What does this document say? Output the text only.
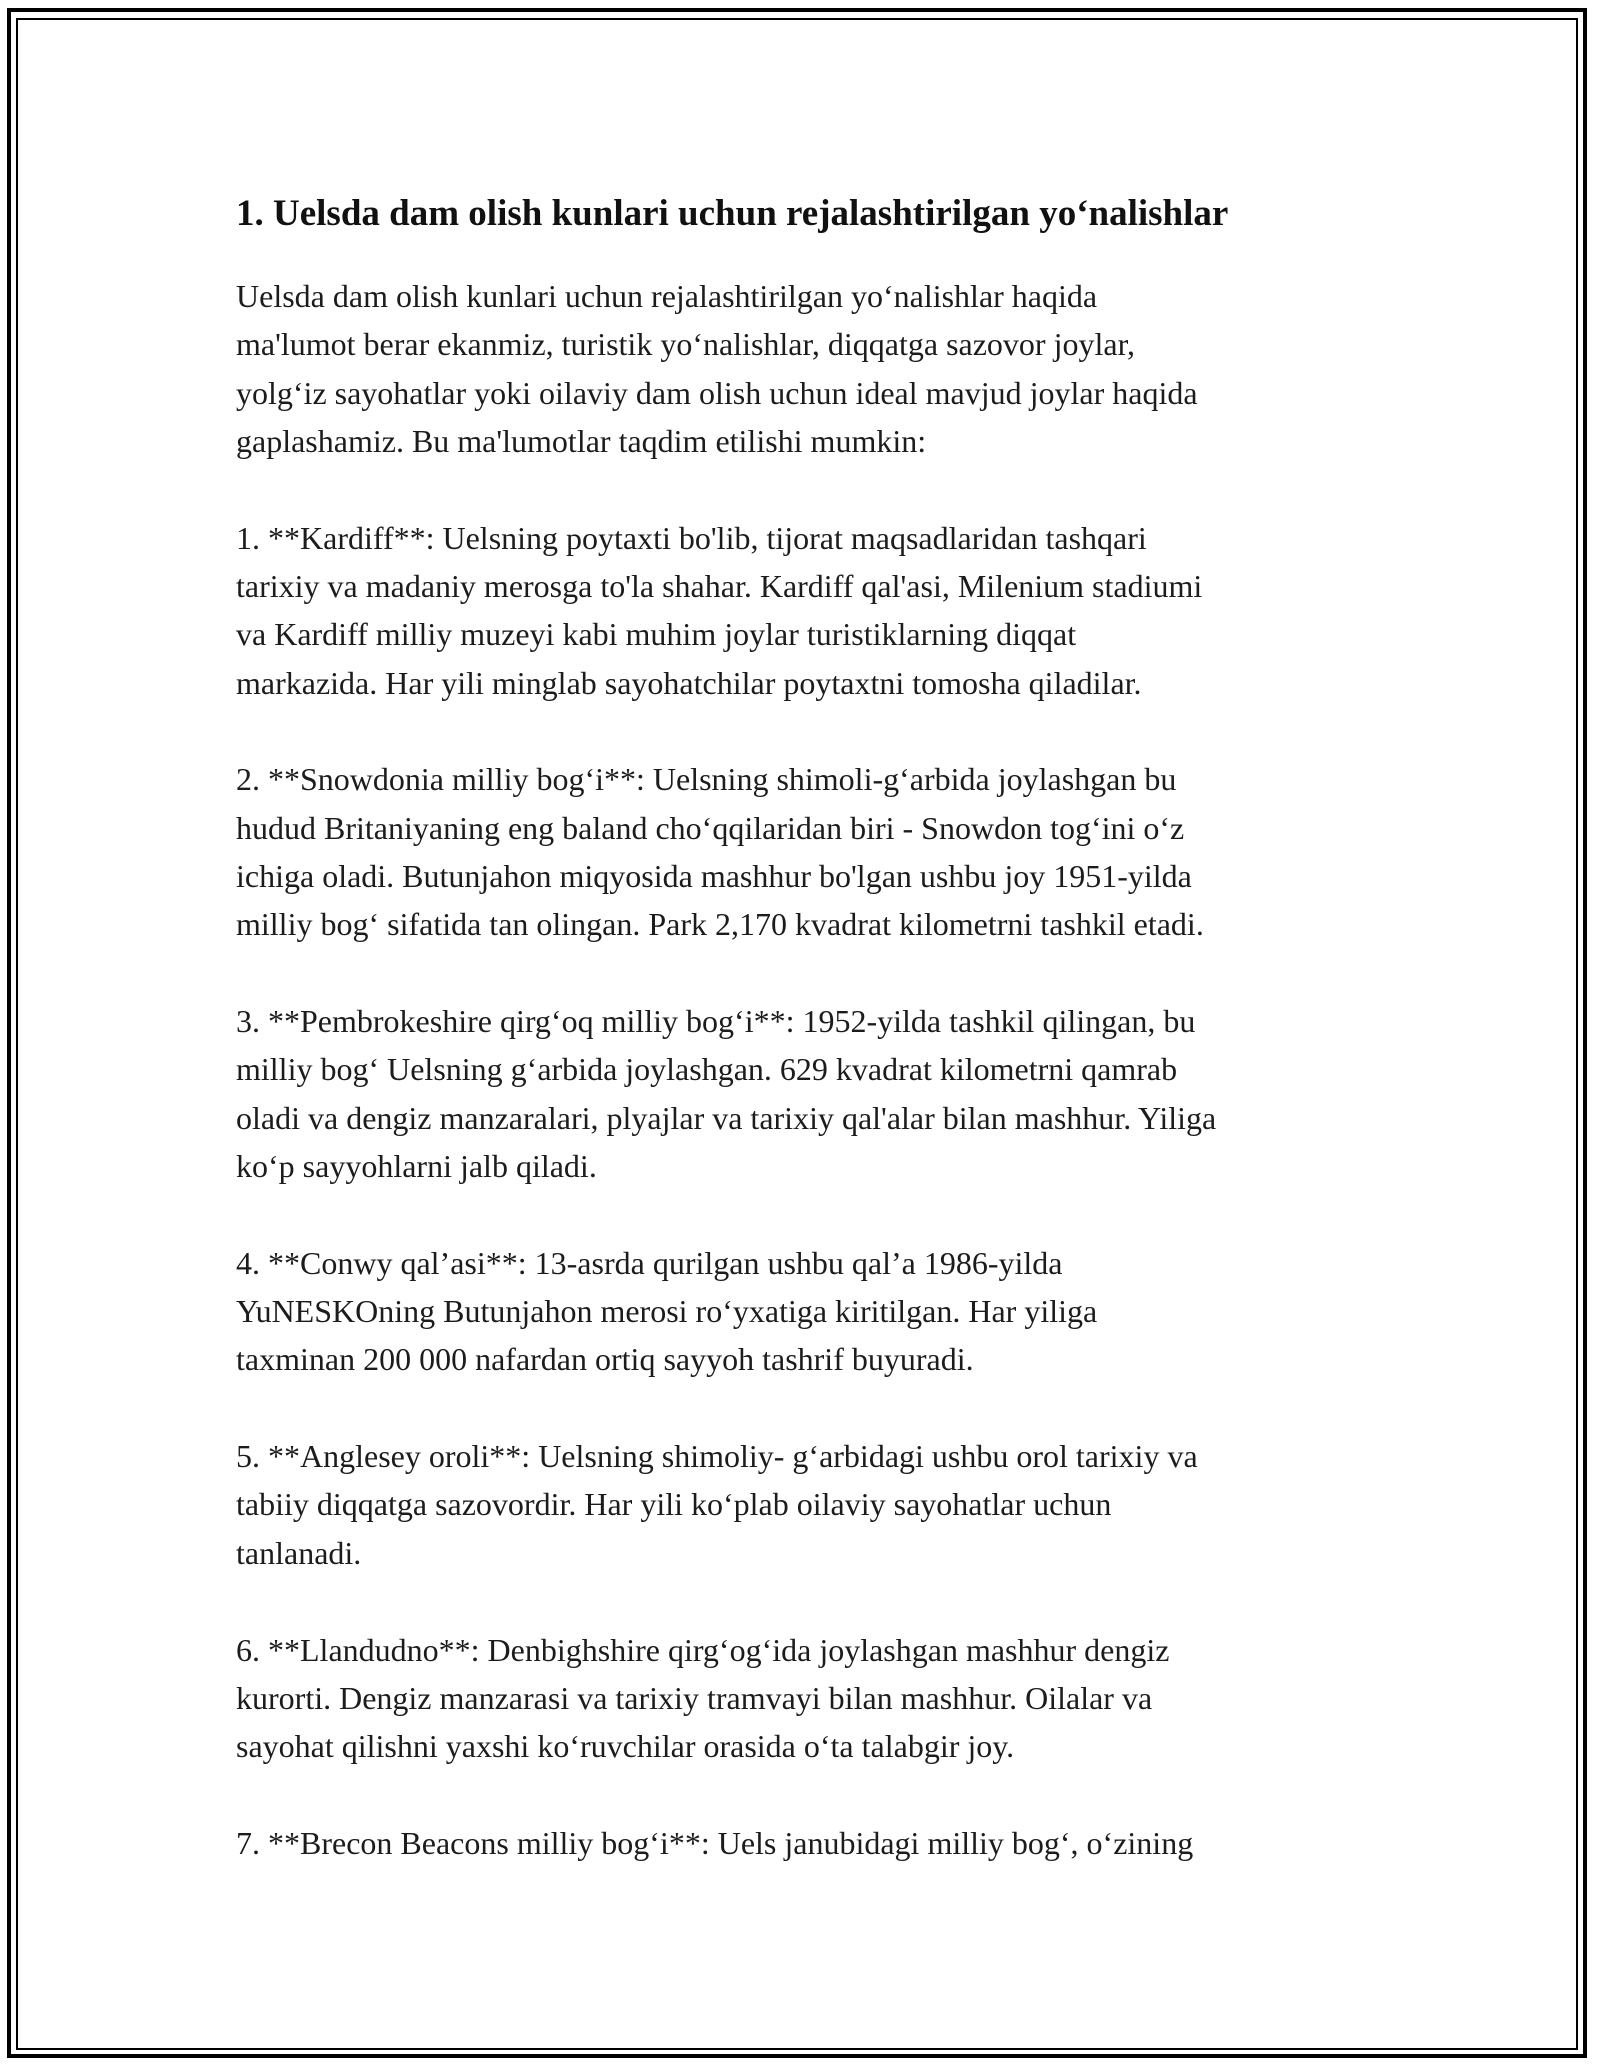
1. Uelsda dam olish kunlari uchun rejalashtirilgan yo‘nalishlar
Uelsda dam olish kunlari uchun rejalashtirilgan yo‘nalishlar haqida
ma'lumot berar ekanmiz, turistik yo‘nalishlar, diqqatga sazovor joylar,
yolg‘iz sayohatlar yoki oilaviy dam olish uchun ideal mavjud joylar haqida
gaplashamiz. Bu ma'lumotlar taqdim etilishi mumkin:
1. **Kardiff**: Uelsning poytaxti bo'lib, tijorat maqsadlaridan tashqari
tarixiy va madaniy merosga to'la shahar. Kardiff qal'asi, Milenium stadiumi
va Kardiff milliy muzeyi kabi muhim joylar turistiklarning diqqat
markazida. Har yili minglab sayohatchilar poytaxtni tomosha qiladilar.
2. **Snowdonia milliy bog‘i**: Uelsning shimoli-g‘arbida joylashgan bu
hudud Britaniyaning eng baland cho‘qqilaridan biri - Snowdon tog‘ini o‘z
ichiga oladi. Butunjahon miqyosida mashhur bo'lgan ushbu joy 1951-yilda
milliy bog‘ sifatida tan olingan. Park 2,170 kvadrat kilometrni tashkil etadi.
3. **Pembrokeshire qirg‘oq milliy bog‘i**: 1952-yilda tashkil qilingan, bu
milliy bog‘ Uelsning g‘arbida joylashgan. 629 kvadrat kilometrni qamrab
oladi va dengiz manzaralari, plyajlar va tarixiy qal'alar bilan mashhur. Yiliga
ko‘p sayyohlarni jalb qiladi.
4. **Conwy qal’asi**: 13-asrda qurilgan ushbu qal’a 1986-yilda
YuNESKOning Butunjahon merosi ro‘yxatiga kiritilgan. Har yiliga
taxminan 200 000 nafardan ortiq sayyoh tashrif buyuradi.
5. **Anglesey oroli**: Uelsning shimoliy- g‘arbidagi ushbu orol tarixiy va
tabiiy diqqatga sazovordir. Har yili ko‘plab oilaviy sayohatlar uchun
tanlanadi.
6. **Llandudno**: Denbighshire qirg‘og‘ida joylashgan mashhur dengiz
kurorti. Dengiz manzarasi va tarixiy tramvayi bilan mashhur. Oilalar va
sayohat qilishni yaxshi ko‘ruvchilar orasida o‘ta talabgir joy.
7. **Brecon Beacons milliy bog‘i**: Uels janubidagi milliy bog‘, o‘zining
